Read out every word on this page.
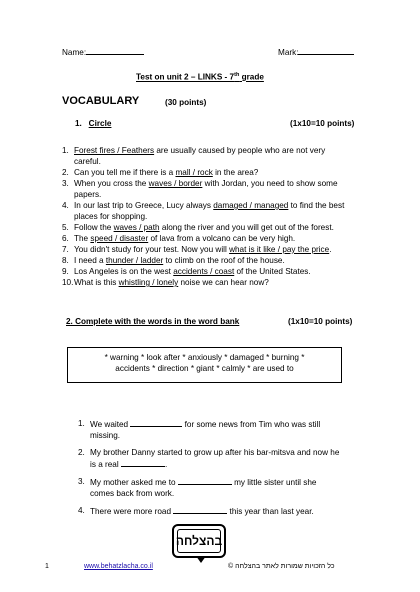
Name:	Mark:
Test on unit 2 – LINKS - 7th grade
VOCABULARY	(30 points)
1. Circle	(1x10=10 points)
1. Forest fires / Feathers are usually caused by people who are not very careful.
2. Can you tell me if there is a mall / rock in the area?
3. When you cross the waves / border with Jordan, you need to show some papers.
4. In our last trip to Greece, Lucy always damaged / managed to find the best places for shopping.
5. Follow the waves / path along the river and you will get out of the forest.
6. The speed / disaster of lava from a volcano can be very high.
7. You didn't study for your test. Now you will what is it like / pay the price.
8. I need a thunder / ladder to climb on the roof of the house.
9. Los Angeles is on the west accidents / coast of the United States.
10. What is this whistling / lonely noise we can hear now?
2. Complete with the words in the word bank	(1x10=10 points)
* warning * look after * anxiously * damaged * burning *
accidents * direction * giant * calmly * are used to
1. We waited	for some news from Tim who was still missing.
2. My brother Danny started to grow up after his bar-mitsva and now he is a real	.
3. My mother asked me to	my little sister until she comes back from work.
4. There were more road	this year than last year.
בהצלחה
1	www.behatzlacha.co.il	כל הזכויות שמורות לאתר בהצלחה ©
